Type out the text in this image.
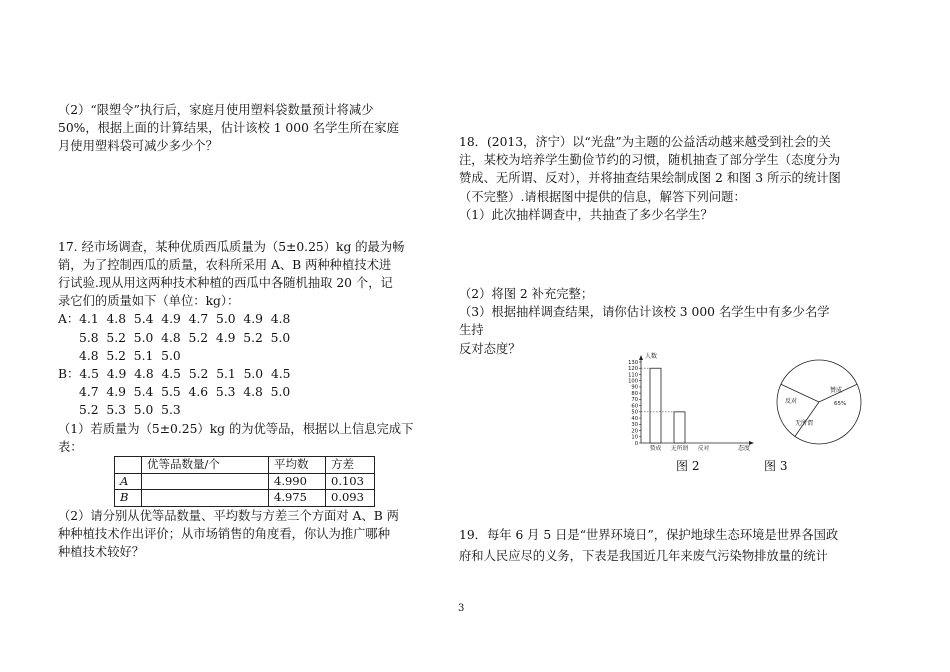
（2）“限塑令”执行后，家庭月使用塑料袋数量预计将减少

50%，根据上面的计算结果，估计该校 1 000 名学生所在家庭

月使用塑料袋可减少多少个？

17. 经市场调查，某种优质西瓜质量为（5±0.25）kg 的最为畅

销，为了控制西瓜的质量，农科所采用 A、B 两种种植技术进

行试验.现从用这两种技术种植的西瓜中各随机抽取 20 个，记

录它们的质量如下（单位：kg）：

A：4.1  4.8  5.4  4.9  4.7  5.0  4.9  4.8

5.8  5.2  5.0  4.8  5.2  4.9  5.2  5.0

4.8  5.2  5.1  5.0

B：4.5  4.9  4.8  4.5  5.2  5.1  5.0  4.5

4.7  4.9  5.4  5.5  4.6  5.3  4.8  5.0

5.2  5.3  5.0  5.3

（1）若质量为（5±0.25）kg 的为优等品，根据以上信息完成下

表：

	优等品数量/个	平均数	方差
A		4.990	0.103
B		4.975	0.093

（2）请分别从优等品数量、平均数与方差三个方面对 A、B 两

种种植技术作出评价；从市场销售的角度看，你认为推广哪种

种植技术较好？

18．(2013，济宁）以“光盘”为主题的公益活动越来越受到社会的关

注，某校为培养学生勤俭节约的习惯，随机抽查了部分学生（态度分为

赞成、无所谓、反对），并将抽查结果绘制成图 2 和图 3 所示的统计图

（不完整）.请根据图中提供的信息，解答下列问题：

（1）此次抽样调查中，共抽查了多少名学生？

（2）将图 2 补充完整；

（3）根据抽样调查结果，请你估计该校 3 000 名学生中有多少名学生持

反对态度？

0
10
20
30
40
50
60
70
80
90
100
110
120
130
人数
态度
赞成 无所谓 反对
赞成
反对
无所谓
65%
图 2	图 3
19．每年 6 月 5 日是“世界环境日”，保护地球生态环境是世界各国政
府和人民应尽的义务，下表是我国近几年来废气污染物排放量的统计
3
